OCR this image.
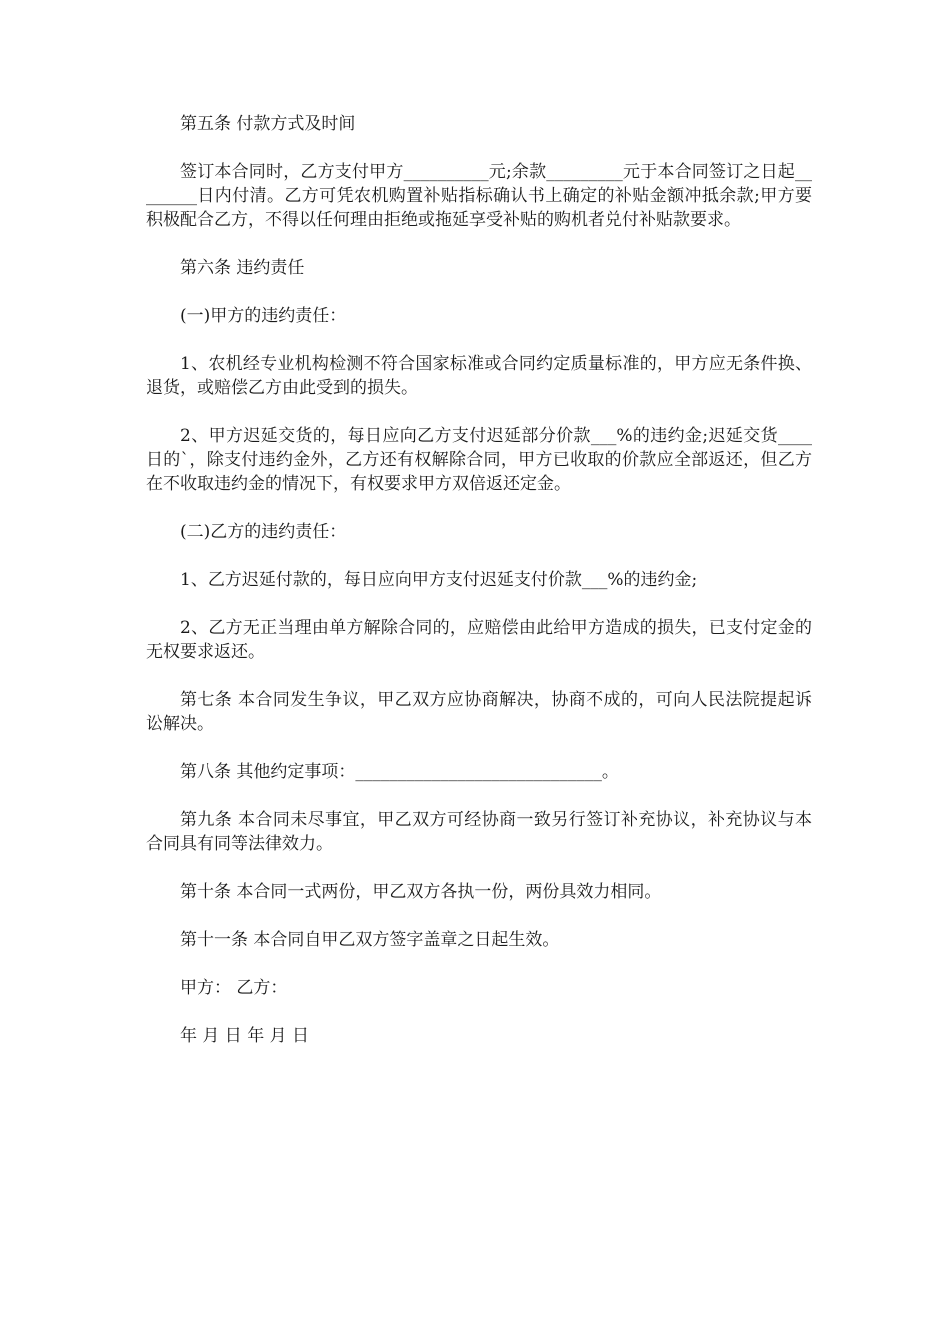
第五条 付款方式及时间

签订本合同时，乙方支付甲方__________元;余款_________元于本合同签订之日起________日内付清。乙方可凭农机购置补贴指标确认书上确定的补贴金额冲抵余款;甲方要积极配合乙方，不得以任何理由拒绝或拖延享受补贴的购机者兑付补贴款要求。

第六条 违约责任

(一)甲方的违约责任：

1、农机经专业机构检测不符合国家标准或合同约定质量标准的，甲方应无条件换、退货，或赔偿乙方由此受到的损失。

2、甲方迟延交货的，每日应向乙方支付迟延部分价款___%的违约金;迟延交货____日的`，除支付违约金外，乙方还有权解除合同，甲方已收取的价款应全部返还，但乙方在不收取违约金的情况下，有权要求甲方双倍返还定金。

(二)乙方的违约责任：

1、乙方迟延付款的，每日应向甲方支付迟延支付价款___%的违约金;

2、乙方无正当理由单方解除合同的，应赔偿由此给甲方造成的损失，已支付定金的无权要求返还。

第七条 本合同发生争议，甲乙双方应协商解决，协商不成的，可向人民法院提起诉讼解决。

第八条 其他约定事项：_____________________________。

第九条 本合同未尽事宜，甲乙双方可经协商一致另行签订补充协议，补充协议与本合同具有同等法律效力。

第十条 本合同一式两份，甲乙双方各执一份，两份具效力相同。

第十一条 本合同自甲乙双方签字盖章之日起生效。

甲方： 乙方：

年 月 日 年 月 日
